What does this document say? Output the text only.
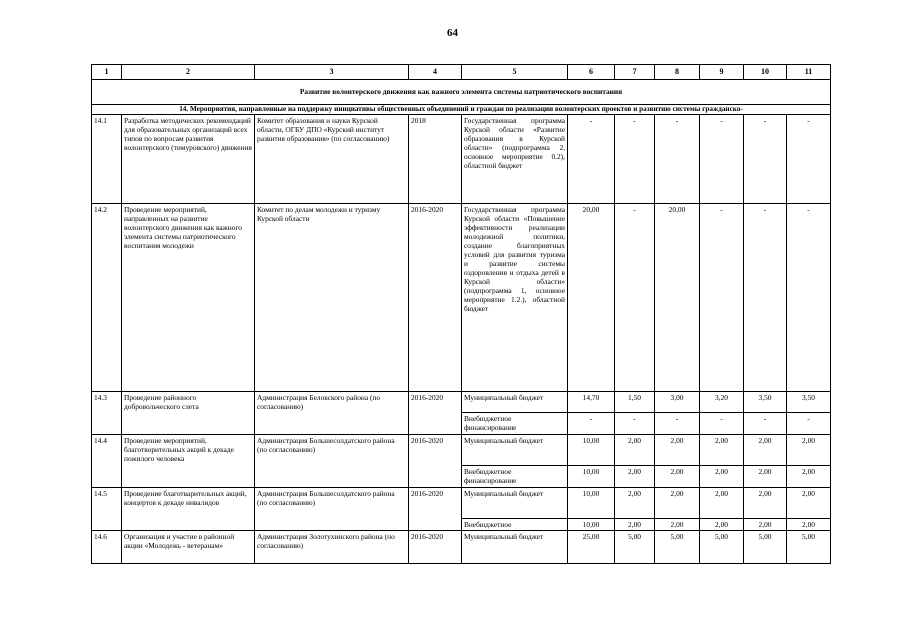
64
1	2	3	4	5	6	7	8	9	10	11
Развитие волонтерского движения как важного элемента системы патриотического воспитания										
14. Мероприятия, направленные на поддержку инициативы общественных объединений и граждан по реализации волонтерских проектов и развитию системы гражданско-										
14.1	Разработка методических рекомендаций для образовательных организаций всех типов по вопросам развития волонтерского (тимуровского) движения	Комитет образования и науки Курской области, ОГБУ ДПО «Курский институт развития образования» (по согласованию)	2018	Государственная программа Курской области «Развитие образования в Курской области» (подпрограмма 2, основное мероприятие 0.2), областной бюджет	-	-	-	-	-	-
14.2	Проведение мероприятий, направленных на развитие волонтерского движения как важного элемента системы патриотического воспитания молодежи	Комитет по делам молодежи и туризму Курской области	2016-2020	Государственная программа Курской области «Повышение эффективности реализации молодежной политики, создание благоприятных условий для развития туризма и развитие системы оздоровления и отдыха детей в Курской области» (подпрограмма 1, основное мероприятие 1.2.), областной бюджет	20,00	-	20,00	-	-	-
14.3	Проведение районного добровольческого слета	Администрация Беловского района (по согласованию)	2016-2020	Муниципальный бюджет	14,70	1,50	3,00	3,20	3,50	3,50
				Внебюджетное финансирование	-	-	-	-	-	-
14.4	Проведение мероприятий, благотворительных акций к декаде пожилого человека	Администрация Большесолдатского района (по согласованию)	2016-2020	Муниципальный бюджет	10,00	2,00	2,00	2,00	2,00	2,00
				Внебюджетное финансирование	10,00	2,00	2,00	2,00	2,00	2,00
14.5	Проведение благотварительных акций, концертов к декаде инвалидов	Администрация Большесолдатского района (по согласованию)	2016-2020	Муниципальный бюджет	10,00	2,00	2,00	2,00	2,00	2,00
				Внебюджетное	10,00	2,00	2,00	2,00	2,00	2,00
14.6	Организация и участие в районной акции «Молодежь - ветеранам»	Администрация Золотухинского района (по согласованию)	2016-2020	Муниципальный бюджет	25,00	5,00	5,00	5,00	5,00	5,00
